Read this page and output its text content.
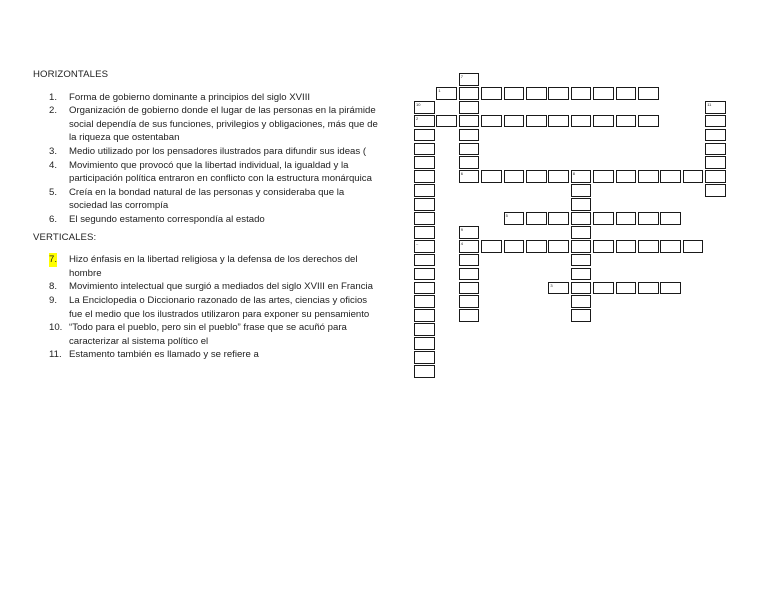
HORIZONTALES

1. Forma de gobierno dominante a principios del siglo XVIII
2. Organización de gobierno donde el lugar de las personas en la pirámide social dependía de sus funciones, privilegios y obligaciones, más que de la riqueza que ostentaban
3. Medio utilizado por los pensadores ilustrados para difundir sus ideas (
4. Movimiento que provocó que la libertad individual, la igualdad y la participación política entraron en conflicto con la estructura monárquica
5. Creía en la bondad natural de las personas y consideraba que la sociedad las corrompía
6. El segundo estamento correspondía al estado

VERTICALES:

7. Hizo énfasis en la libertad religiosa y la defensa de los derechos del hombre
8. Movimiento intelectual que surgió a mediados del siglo XVIII en Francia
9. La Enciclopedia o Diccionario razonado de las artes, ciencias y oficios fue el medio que los ilustrados utilizaron para exponer su pensamiento
10. “Todo para el pueblo, pero sin el pueblo” frase que se acuñó para caracterizar al sistema político el
11. Estamento también es llamado y se refiere a
10
2
–
7
6
11
8
9
4
1
5
3
